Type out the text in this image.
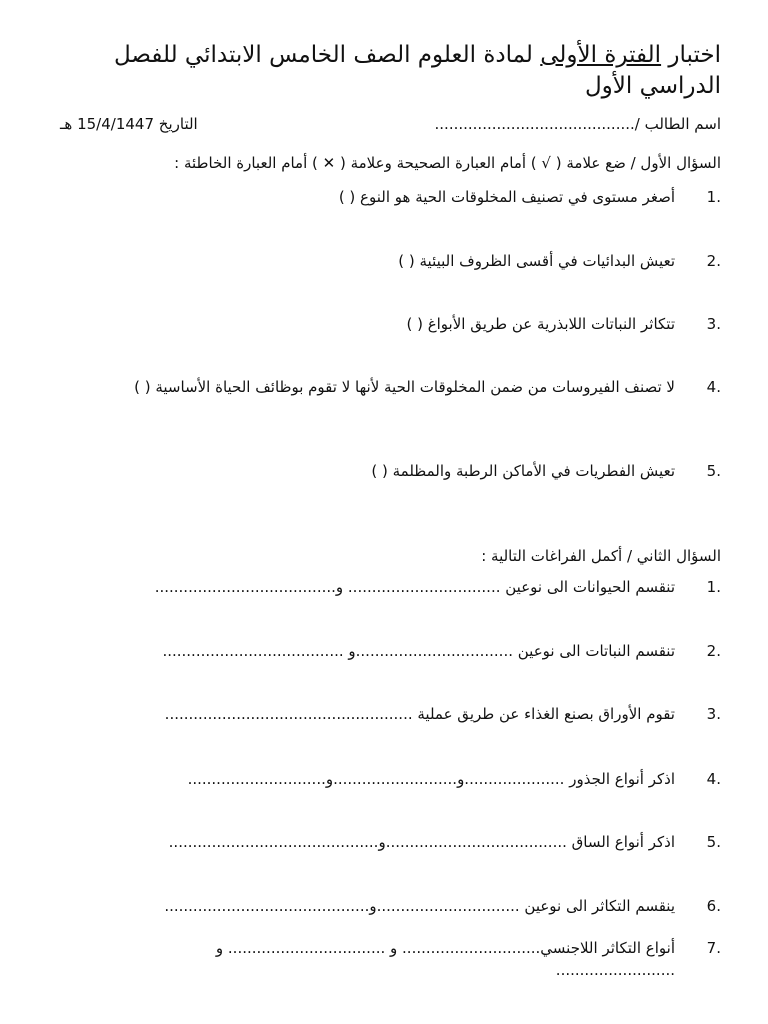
اختبار الفترة الأولى لمادة العلوم الصف الخامس الابتدائي للفصل الدراسي الأول
اسم الطالب /..........................................
التاريخ 15/4/1447 هـ
السؤال الأول / ضع علامة ( √ ) أمام العبارة الصحيحة وعلامة ( ✕ ) أمام العبارة الخاطئة :
.1
أصغر مستوى في تصنيف المخلوقات الحية هو النوع ( )
.2
تعيش البدائيات في أقسى الظروف البيئية ( )
.3
تتكاثر النباتات اللابذرية عن طريق الأبواغ ( )
.4
لا تصنف الفيروسات من ضمن المخلوقات الحية لأنها لا تقوم بوظائف الحياة الأساسية ( )
.5
تعيش الفطريات في الأماكن الرطبة والمظلمة ( )
السؤال الثاني / أكمل الفراغات التالية :
.1
تنقسم الحيوانات الى نوعين ................................ و......................................
.2
تنقسم النباتات الى نوعين .................................و ......................................
.3
تقوم الأوراق بصنع الغذاء عن طريق عملية ....................................................
.4
اذكر أنواع الجذور .....................و..........................و.............................
.5
اذكر أنواع الساق ......................................و............................................
.6
ينقسم التكاثر الى نوعين ..............................و...........................................
.7
أنواع التكاثر اللاجنسي............................. و ................................. و .........................
